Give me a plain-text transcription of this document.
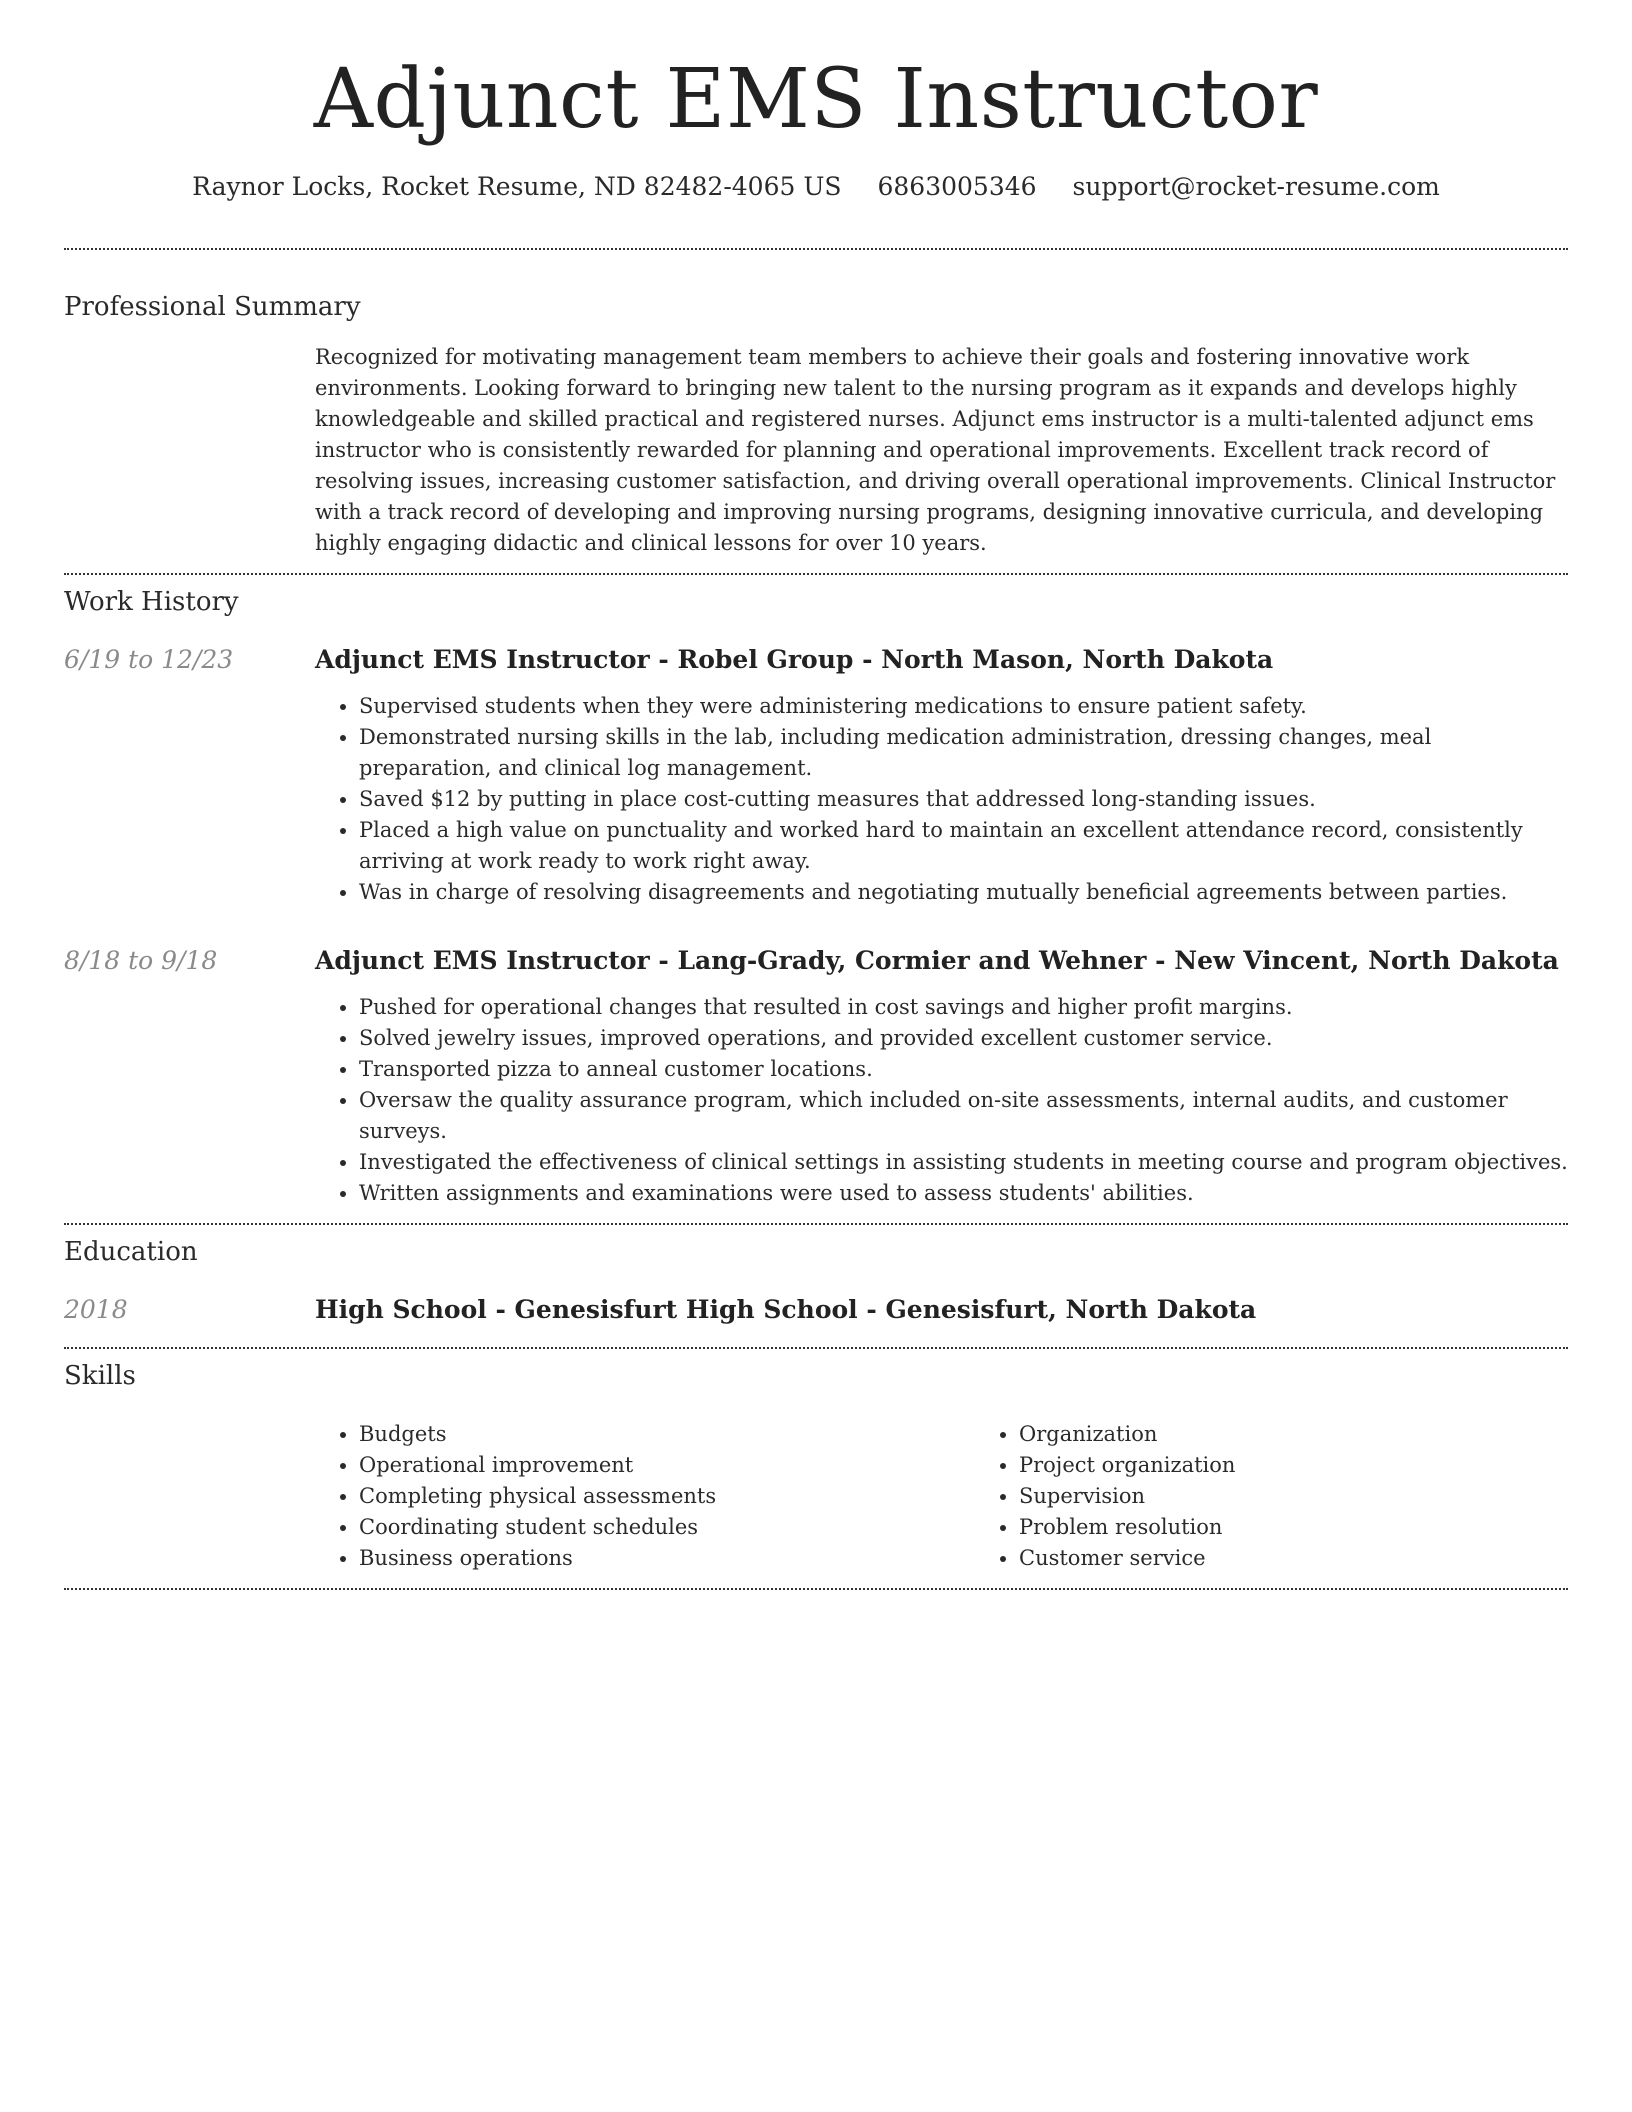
Adjunct EMS Instructor
Raynor Locks, Rocket Resume, ND 82482-4065 US 6863005346 support@rocket-resume.com
Professional Summary

Recognized for motivating management team members to achieve their goals and fostering innovative work environments. Looking forward to bringing new talent to the nursing program as it expands and develops highly knowledgeable and skilled practical and registered nurses. Adjunct ems instructor is a multi-talented adjunct ems instructor who is consistently rewarded for planning and operational improvements. Excellent track record of resolving issues, increasing customer satisfaction, and driving overall operational improvements. Clinical Instructor with a track record of developing and improving nursing programs, designing innovative curricula, and developing highly engaging didactic and clinical lessons for over 10 years.

Work History
6/19 to 12/23	Adjunct EMS Instructor - Robel Group - North Mason, North Dakota
• Supervised students when they were administering medications to ensure patient safety.
• Demonstrated nursing skills in the lab, including medication administration, dressing changes, meal preparation, and clinical log management.
• Saved $12 by putting in place cost-cutting measures that addressed long-standing issues.
• Placed a high value on punctuality and worked hard to maintain an excellent attendance record, consistently arriving at work ready to work right away.
• Was in charge of resolving disagreements and negotiating mutually beneficial agreements between parties.
8/18 to 9/18	Adjunct EMS Instructor - Lang-Grady, Cormier and Wehner - New Vincent, North Dakota
• Pushed for operational changes that resulted in cost savings and higher profit margins.
• Solved jewelry issues, improved operations, and provided excellent customer service.
• Transported pizza to anneal customer locations.
• Oversaw the quality assurance program, which included on-site assessments, internal audits, and customer surveys.
• Investigated the effectiveness of clinical settings in assisting students in meeting course and program objectives.
• Written assignments and examinations were used to assess students' abilities.
Education
2018	High School - Genesisfurt High School - Genesisfurt, North Dakota
Skills
• Budgets
• Operational improvement
• Completing physical assessments
• Coordinating student schedules
• Business operations
• Organization
• Project organization
• Supervision
• Problem resolution
• Customer service
